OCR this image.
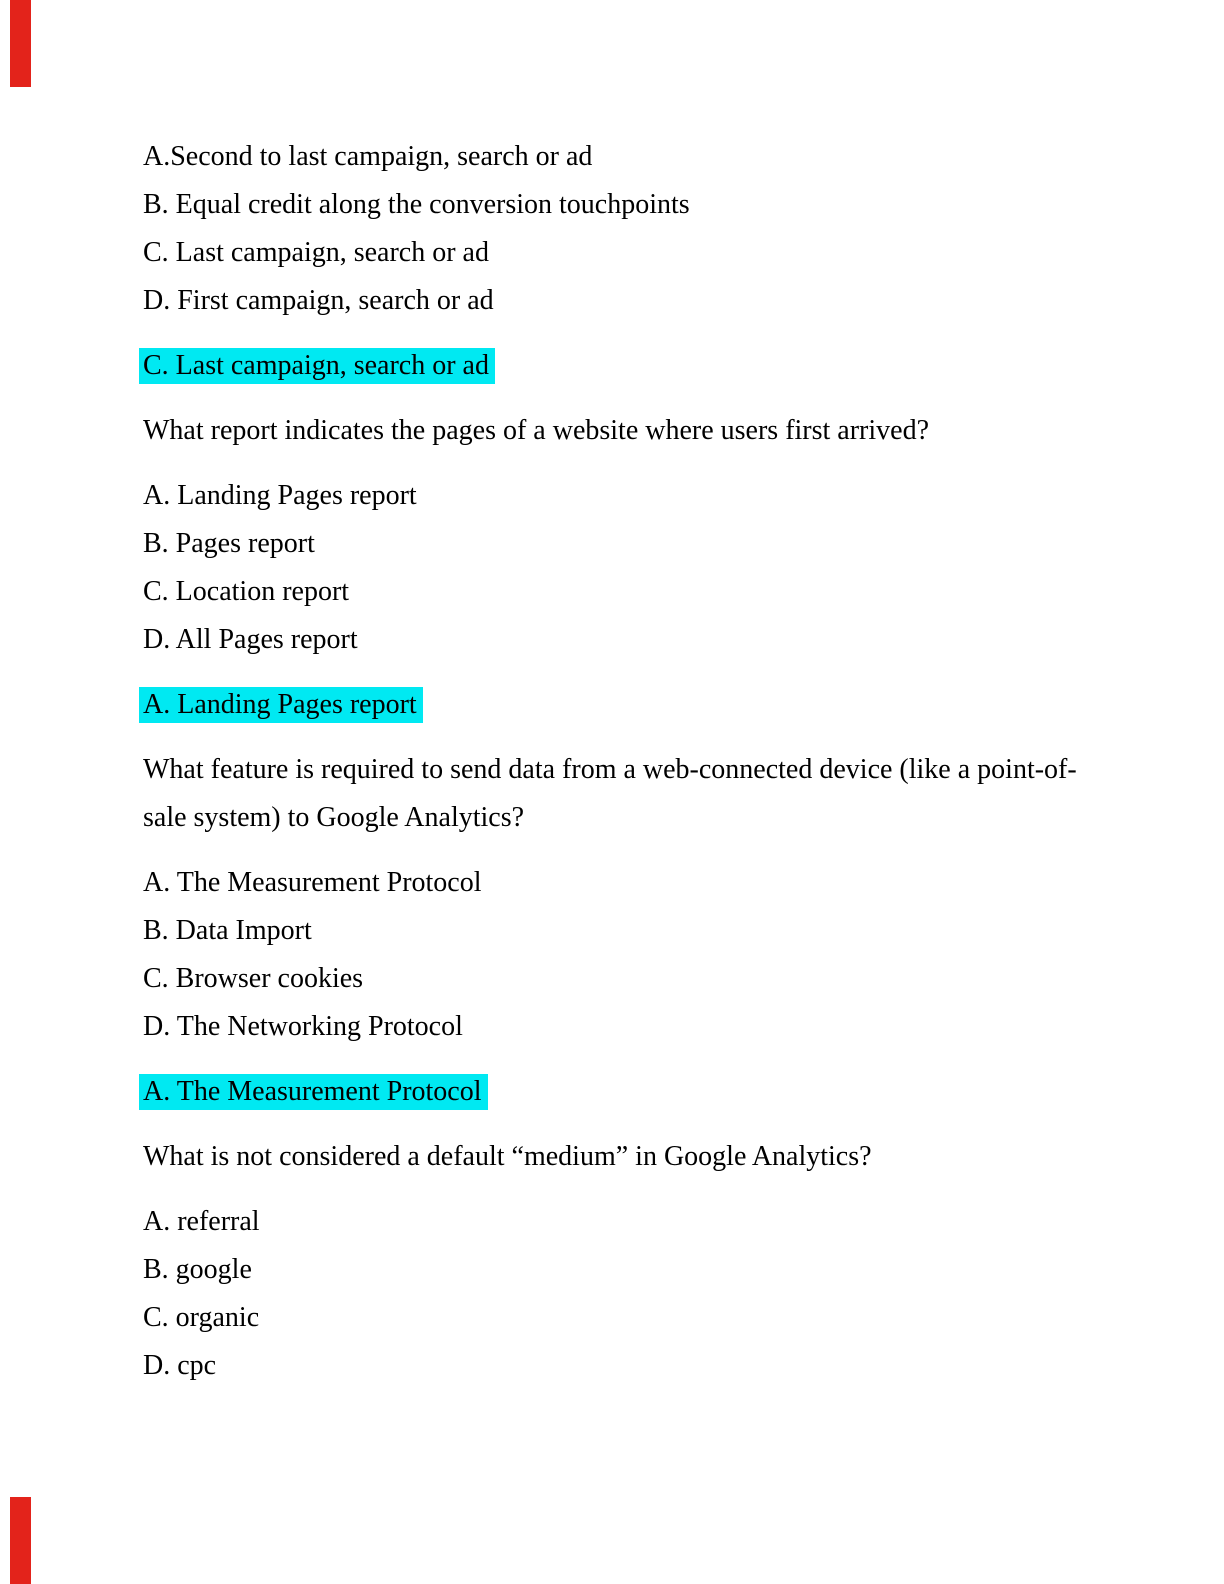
A.Second to last campaign, search or ad
B. Equal credit along the conversion touchpoints
C. Last campaign, search or ad
D. First campaign, search or ad
C. Last campaign, search or ad
What report indicates the pages of a website where users first arrived?
A. Landing Pages report
B. Pages report
C. Location report
D. All Pages report
A. Landing Pages report
What feature is required to send data from a web-connected device (like a point-of-sale system) to Google Analytics?
A. The Measurement Protocol
B. Data Import
C. Browser cookies
D. The Networking Protocol
A. The Measurement Protocol
What is not considered a default “medium” in Google Analytics?
A. referral
B. google
C. organic
D. cpc
